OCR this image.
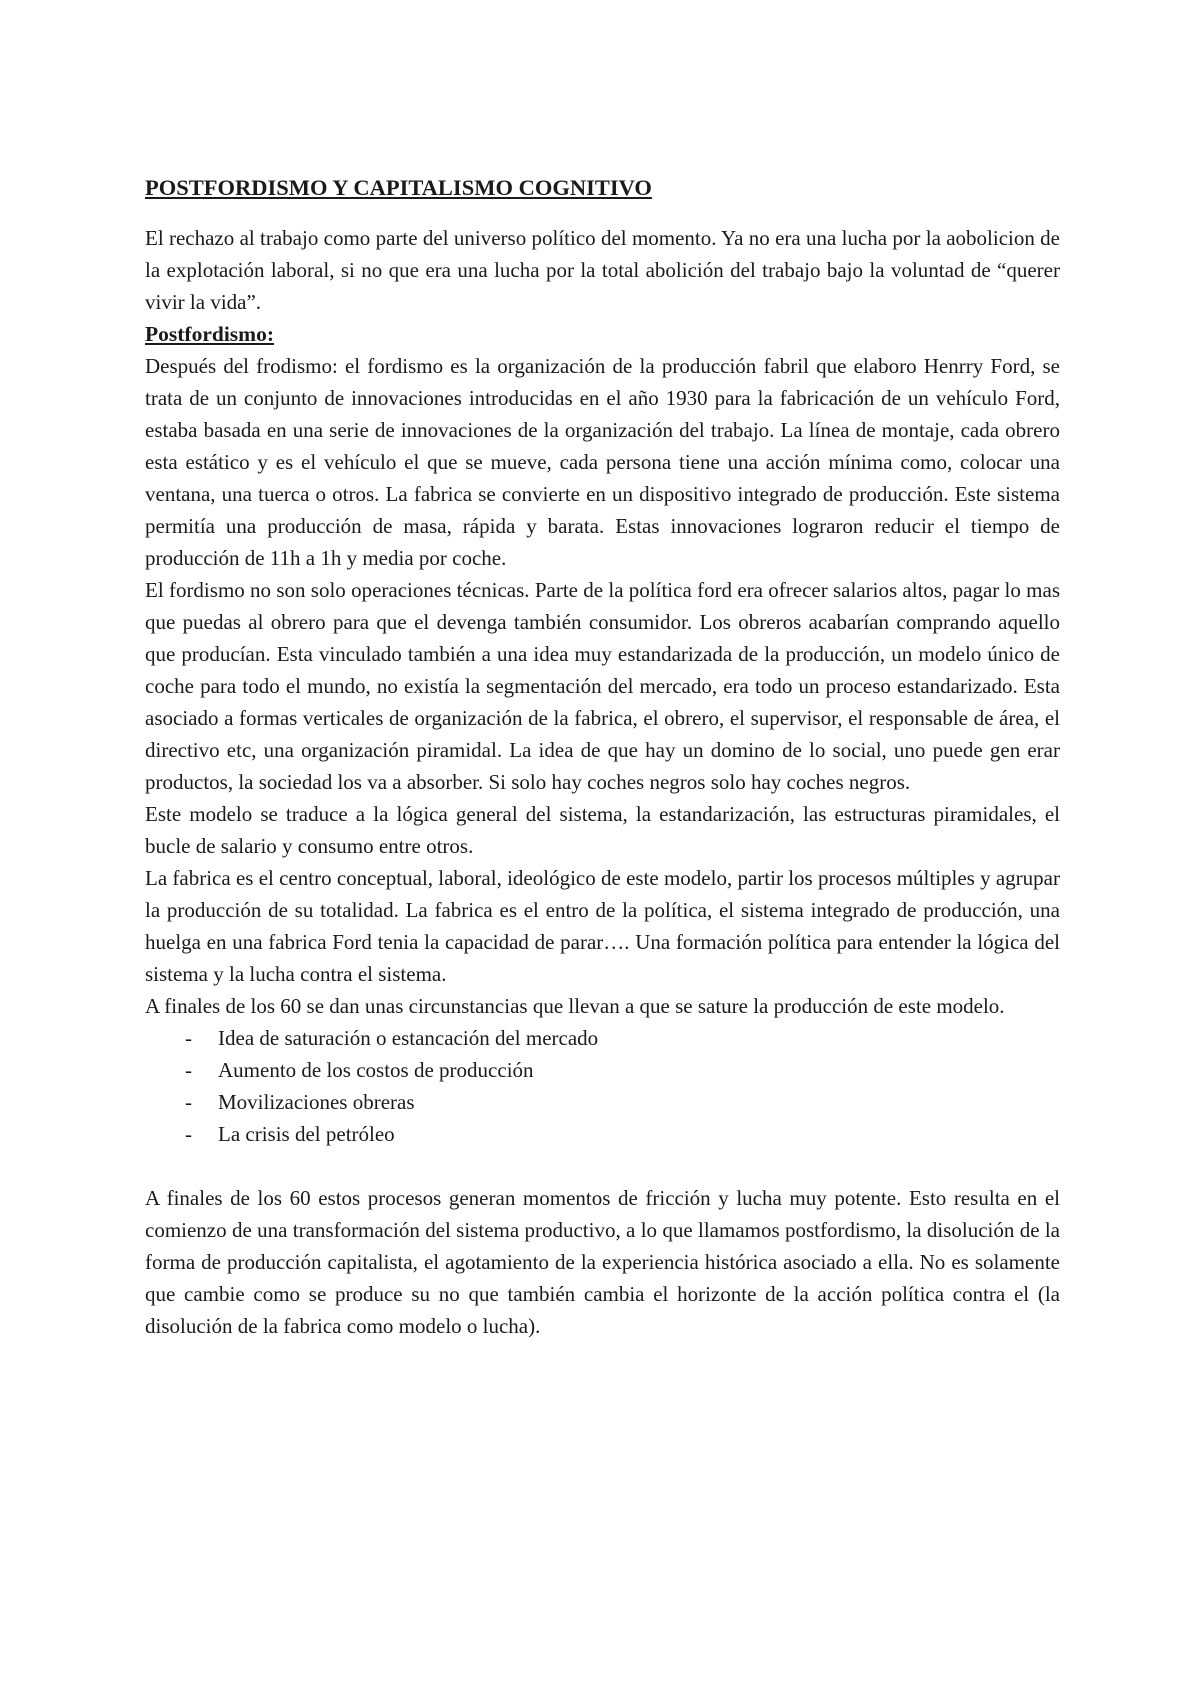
POSTFORDISMO Y CAPITALISMO COGNITIVO

El rechazo al trabajo como parte del universo político del momento. Ya no era una lucha por la aobolicion de la explotación laboral, si no que era una lucha por la total abolición del trabajo bajo la voluntad de “querer vivir la vida”.

Postfordismo:

Después del frodismo: el fordismo es la organización de la producción fabril que elaboro Henrry Ford, se trata de un conjunto de innovaciones introducidas en el año 1930 para la fabricación de un vehículo Ford, estaba basada en una serie de innovaciones de la organización del trabajo. La línea de montaje, cada obrero esta estático y es el vehículo el que se mueve, cada persona tiene una acción mínima como, colocar una ventana, una tuerca o otros. La fabrica se convierte en un dispositivo integrado de producción. Este sistema permitía una producción de masa, rápida y barata. Estas innovaciones lograron reducir el tiempo de producción de 11h a 1h y media por coche.

El fordismo no son solo operaciones técnicas. Parte de la política ford era ofrecer salarios altos, pagar lo mas que puedas al obrero para que el devenga también consumidor. Los obreros acabarían comprando aquello que producían. Esta vinculado también a una idea muy estandarizada de la producción, un modelo único de coche para todo el mundo, no existía la segmentación del mercado, era todo un proceso estandarizado. Esta asociado a formas verticales de organización de la fabrica, el obrero, el supervisor, el responsable de área, el directivo etc, una organización piramidal. La idea de que hay un domino de lo social, uno puede gen erar productos, la sociedad los va a absorber. Si solo hay coches negros solo hay coches negros.

Este modelo se traduce a la lógica general del sistema, la estandarización, las estructuras piramidales, el bucle de salario y consumo entre otros.

La fabrica es el centro conceptual, laboral, ideológico de este modelo, partir los procesos múltiples y agrupar la producción de su totalidad. La fabrica es el entro de la política, el sistema integrado de producción, una huelga en una fabrica Ford tenia la capacidad de parar…. Una formación política para entender la lógica del sistema y la lucha contra el sistema.

A finales de los 60 se dan unas circunstancias que llevan a que se sature la producción de este modelo.

-	Idea de saturación o estancación del mercado
-	Aumento de los costos de producción
-	Movilizaciones obreras
-	La crisis del petróleo

A finales de los 60 estos procesos generan momentos de fricción y lucha muy potente. Esto resulta en el comienzo de una transformación del sistema productivo, a lo que llamamos postfordismo, la disolución de la forma de producción capitalista, el agotamiento de la experiencia histórica asociado a ella. No es solamente que cambie como se produce su no que también cambia el horizonte de la acción política contra el (la disolución de la fabrica como modelo o lucha).
